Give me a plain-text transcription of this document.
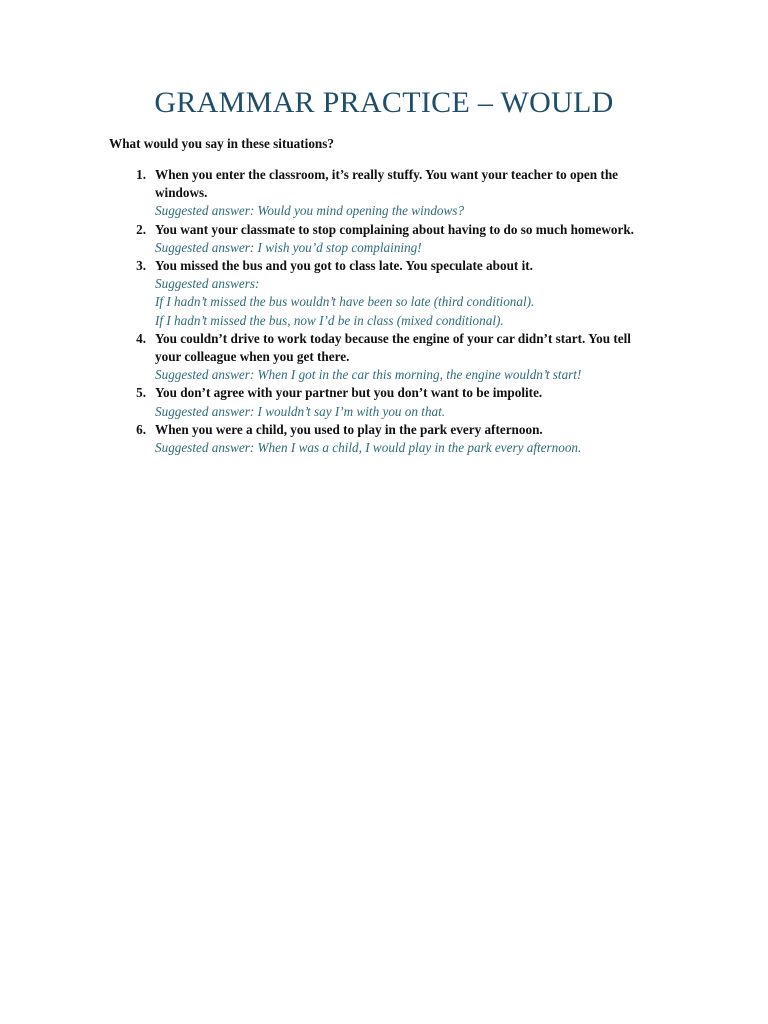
GRAMMAR PRACTICE – WOULD

What would you say in these situations?

1. When you enter the classroom, it’s really stuffy. You want your teacher to open the windows.
Suggested answer: Would you mind opening the windows?
2. You want your classmate to stop complaining about having to do so much homework.
Suggested answer: I wish you’d stop complaining!
3. You missed the bus and you got to class late. You speculate about it.
Suggested answers:
If I hadn’t missed the bus wouldn’t have been so late (third conditional).
If I hadn’t missed the bus, now I’d be in class (mixed conditional).
4. You couldn’t drive to work today because the engine of your car didn’t start. You tell your colleague when you get there.
Suggested answer: When I got in the car this morning, the engine wouldn’t start!
5. You don’t agree with your partner but you don’t want to be impolite.
Suggested answer: I wouldn’t say I’m with you on that.
6. When you were a child, you used to play in the park every afternoon.
Suggested answer: When I was a child, I would play in the park every afternoon.
